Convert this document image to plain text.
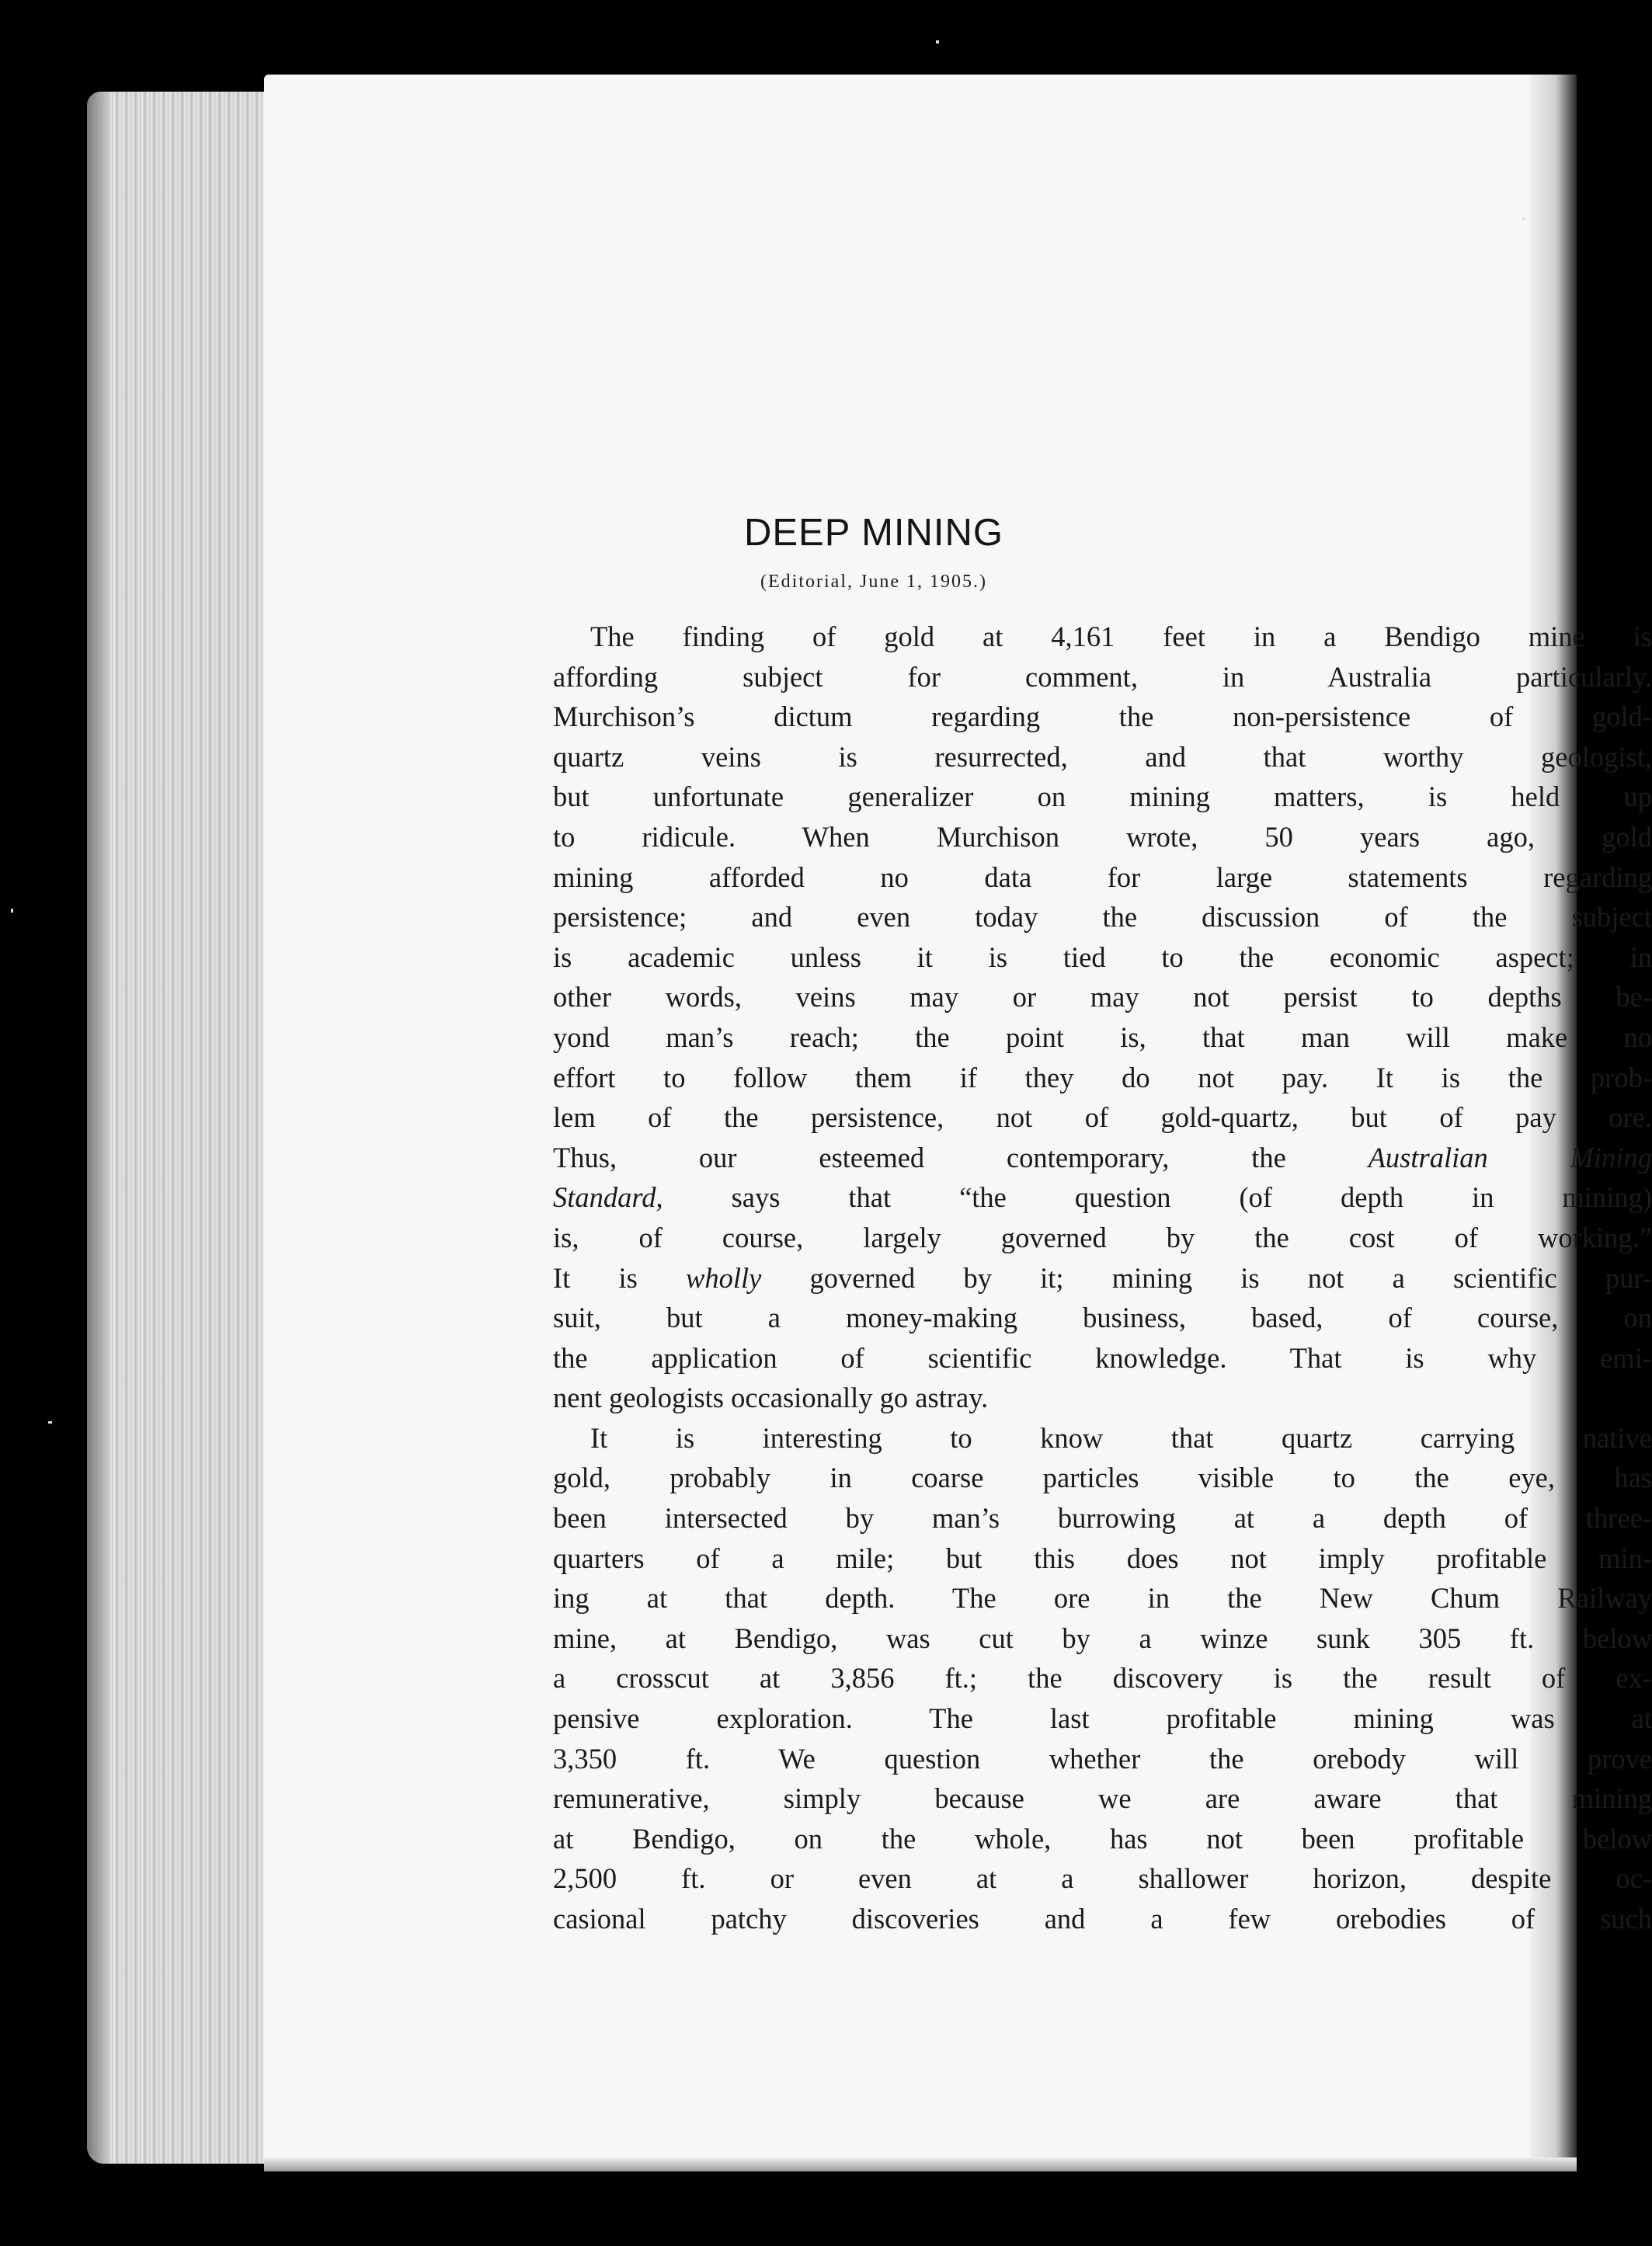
DEEP MINING
(Editorial, June 1, 1905.)
The finding of gold at 4,161 feet in a Bendigo mine is
affording subject for comment, in Australia particularly.
Murchison’s dictum regarding the non-persistence of gold-
quartz veins is resurrected, and that worthy geologist,
but unfortunate generalizer on mining matters, is held up
to ridicule. When Murchison wrote, 50 years ago, gold
mining afforded no data for large statements regarding
persistence; and even today the discussion of the subject
is academic unless it is tied to the economic aspect; in
other words, veins may or may not persist to depths be-
yond man’s reach; the point is, that man will make no
effort to follow them if they do not pay. It is the prob-
lem of the persistence, not of gold-quartz, but of pay ore.
Thus, our esteemed contemporary, the Australian Mining
Standard, says that “the question (of depth in mining)
is, of course, largely governed by the cost of working.”
It is wholly governed by it; mining is not a scientific pur-
suit, but a money-making business, based, of course, on
the application of scientific knowledge. That is why emi-
nent geologists occasionally go astray.
It is interesting to know that quartz carrying native
gold, probably in coarse particles visible to the eye, has
been intersected by man’s burrowing at a depth of three-
quarters of a mile; but this does not imply profitable min-
ing at that depth. The ore in the New Chum Railway
mine, at Bendigo, was cut by a winze sunk 305 ft. below
a crosscut at 3,856 ft.; the discovery is the result of ex-
pensive exploration. The last profitable mining was at
3,350 ft. We question whether the orebody will prove
remunerative, simply because we are aware that mining
at Bendigo, on the whole, has not been profitable below
2,500 ft. or even at a shallower horizon, despite oc-
casional patchy discoveries and a few orebodies of such
